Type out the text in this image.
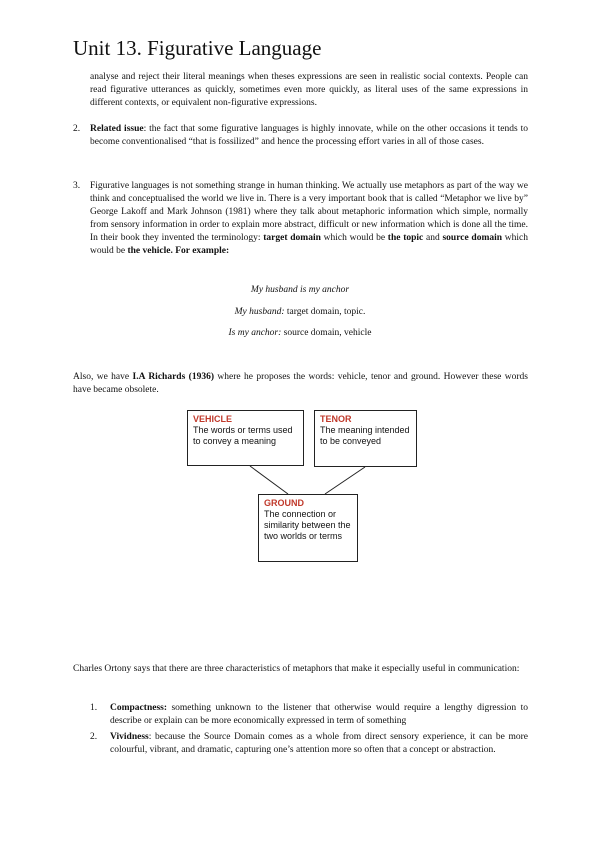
Unit 13. Figurative Language

analyse and reject their literal meanings when theses expressions are seen in realistic social contexts. People can read figurative utterances as quickly, sometimes even more quickly, as literal uses of the same expressions in different contexts, or equivalent non-figurative expressions.

2. Related issue: the fact that some figurative languages is highly innovate, while on the other occasions it tends to become conventionalised “that is fossilized” and hence the processing effort varies in all of those cases.

3. Figurative languages is not something strange in human thinking. We actually use metaphors as part of the way we think and conceptualised the world we live in. There is a very important book that is called “Metaphor we live by” George Lakoff and Mark Johnson (1981) where they talk about metaphoric information which simple, normally from sensory information in order to explain more abstract, difficult or new information which is done all the time. In their book they invented the terminology: target domain which would be the topic and source domain which would be the vehicle. For example:

My husband is my anchor
My husband: target domain, topic.
Is my anchor: source domain, vehicle

Also, we have I.A Richards (1936) where he proposes the words: vehicle, tenor and ground. However these words have became obsolete.

VEHICLE
The words or terms used to convey a meaning
TENOR
The meaning intended to be conveyed
GROUND
The connection or similarity between the two worlds or terms

Charles Ortony says that there are three characteristics of metaphors that make it especially useful in communication:

1. Compactness: something unknown to the listener that otherwise would require a lengthy digression to describe or explain can be more economically expressed in term of something

2. Vividness: because the Source Domain comes as a whole from direct sensory experience, it can be more colourful, vibrant, and dramatic, capturing one’s attention more so often that a concept or abstraction.
